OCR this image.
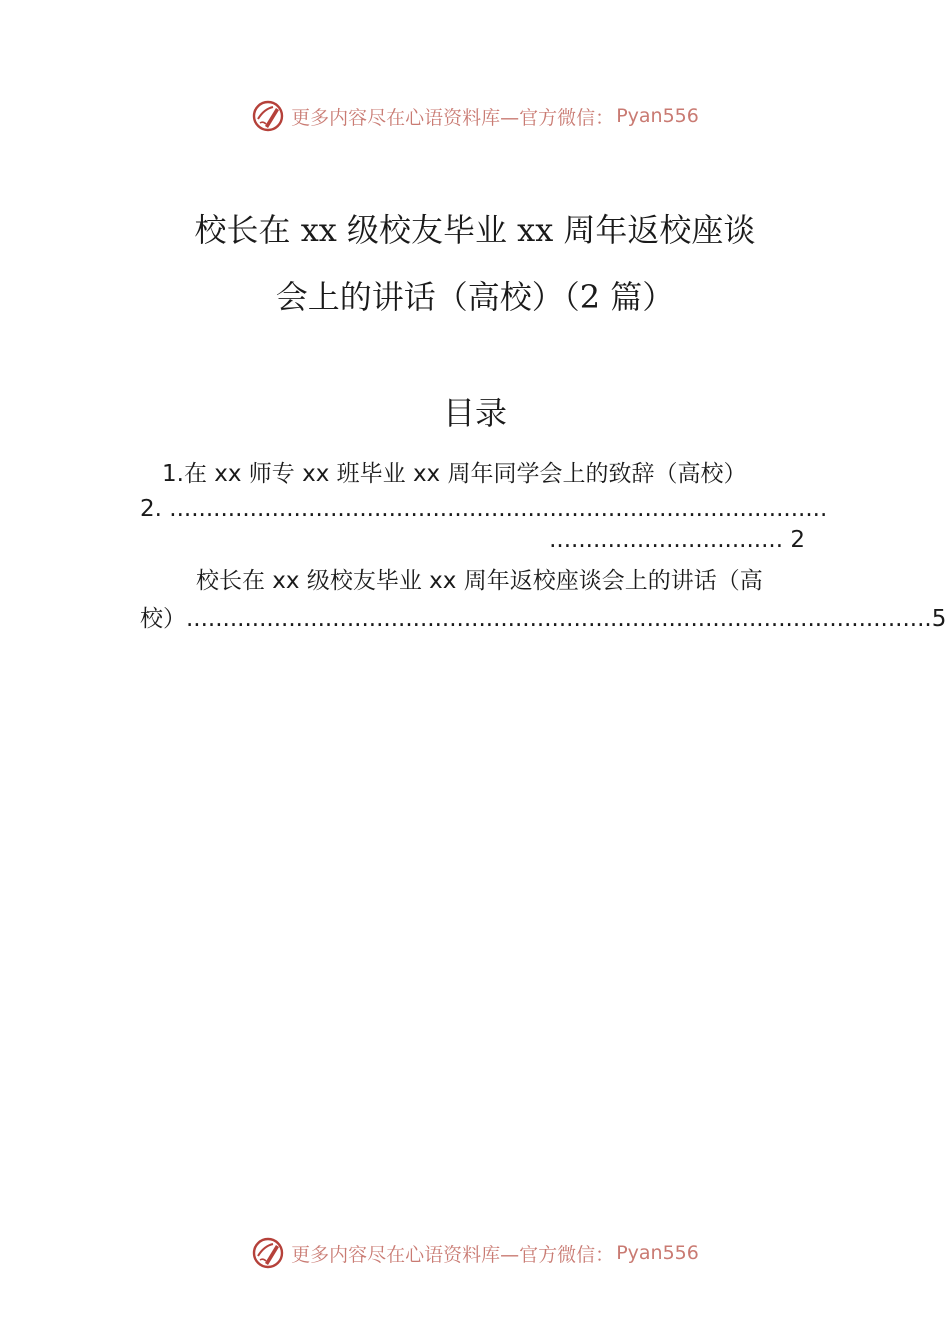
更多内容尽在心语资料库 —官方微信： Pyan556
校长在 xx 级校友毕业 xx 周年返校座谈
会上的讲话（高校）（2 篇）
目录
1.在 xx 师专 xx 班毕业 xx 周年同学会上的致辞（高校）
2. ..........................................................................................
................................ 2
校长在 xx 级校友毕业 xx 周年返校座谈会上的讲话（高
校）......................................................................................................5
更多内容尽在心语资料库 —官方微信： Pyan556
